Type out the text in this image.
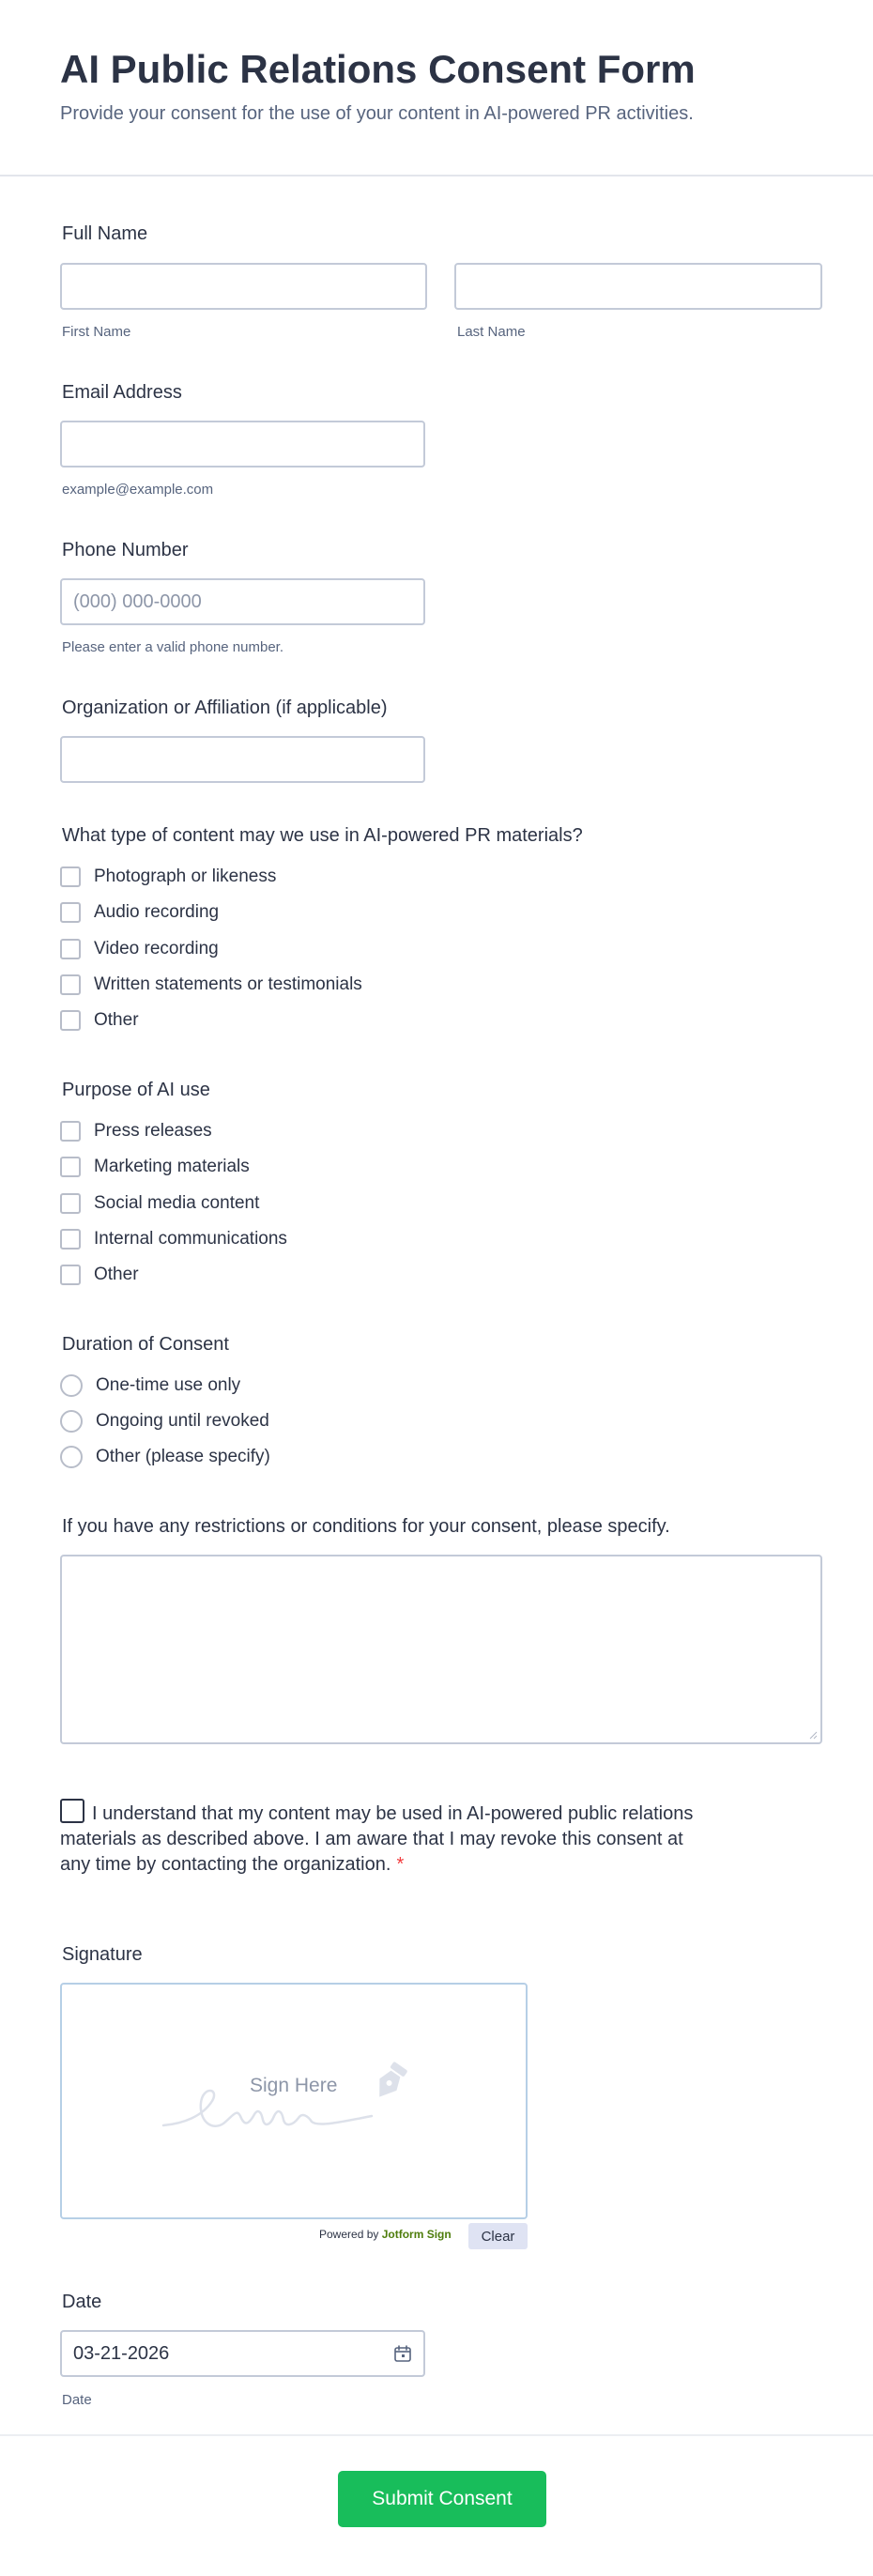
AI Public Relations Consent Form
Provide your consent for the use of your content in AI-powered PR activities.
Full Name
First Name	Last Name
Email Address
example@example.com
Phone Number
(000) 000-0000
Please enter a valid phone number.
Organization or Affiliation (if applicable)
What type of content may we use in AI-powered PR materials?
Photograph or likeness
Audio recording
Video recording
Written statements or testimonials
Other
Purpose of AI use
Press releases
Marketing materials
Social media content
Internal communications
Other
Duration of Consent
One-time use only
Ongoing until revoked
Other (please specify)
If you have any restrictions or conditions for your consent, please specify.
I understand that my content may be used in AI-powered public relations materials as described above. I am aware that I may revoke this consent at any time by contacting the organization. *
Signature
Sign Here
Powered by Jotform Sign	Clear
Date
03-21-2026
Date
Submit Consent
